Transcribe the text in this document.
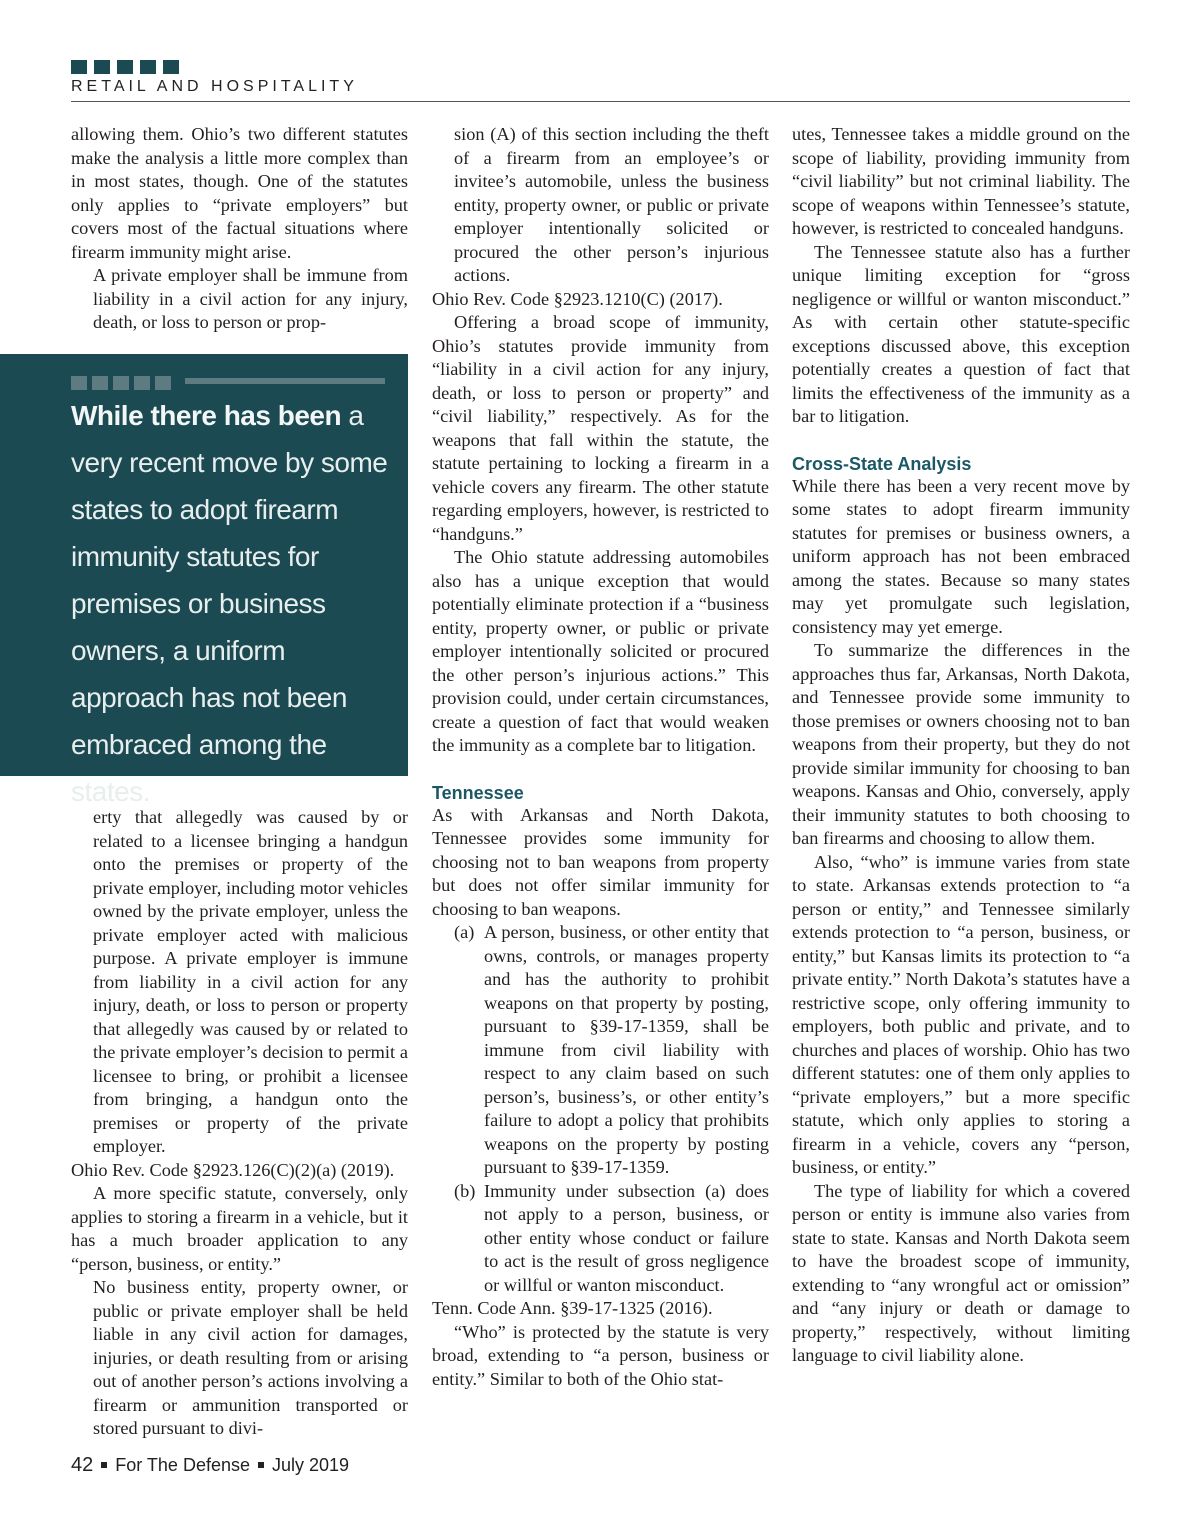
RETAIL AND HOSPITALITY

allowing them. Ohio’s two different statutes make the analysis a little more complex than in most states, though. One of the statutes only applies to “private employers” but covers most of the factual situations where firearm immunity might arise.

A private employer shall be immune from liability in a civil action for any injury, death, or loss to person or prop-

While there has been a very recent move by some states to adopt firearm immunity statutes for premises or business owners, a uniform approach has not been embraced among the states.

erty that allegedly was caused by or related to a licensee bringing a handgun onto the premises or property of the private employer, including motor vehicles owned by the private employer, unless the private employer acted with malicious purpose. A private employer is immune from liability in a civil action for any injury, death, or loss to person or property that allegedly was caused by or related to the private employer’s decision to permit a licensee to bring, or prohibit a licensee from bringing, a handgun onto the premises or property of the private employer.

Ohio Rev. Code §2923.126(C)(2)(a) (2019).

A more specific statute, conversely, only applies to storing a firearm in a vehicle, but it has a much broader application to any “person, business, or entity.”

No business entity, property owner, or public or private employer shall be held liable in any civil action for damages, injuries, or death resulting from or arising out of another person’s actions involving a firearm or ammunition transported or stored pursuant to divi-

sion (A) of this section including the theft of a firearm from an employee’s or invitee’s automobile, unless the business entity, property owner, or public or private employer intentionally solicited or procured the other person’s injurious actions.

Ohio Rev. Code §2923.1210(C) (2017).

Offering a broad scope of immunity, Ohio’s statutes provide immunity from “liability in a civil action for any injury, death, or loss to person or property” and “civil liability,” respectively. As for the weapons that fall within the statute, the statute pertaining to locking a firearm in a vehicle covers any firearm. The other statute regarding employers, however, is restricted to “handguns.”

The Ohio statute addressing automobiles also has a unique exception that would potentially eliminate protection if a “business entity, property owner, or public or private employer intentionally solicited or procured the other person’s injurious actions.” This provision could, under certain circumstances, create a question of fact that would weaken the immunity as a complete bar to litigation.

Tennessee

As with Arkansas and North Dakota, Tennessee provides some immunity for choosing not to ban weapons from property but does not offer similar immunity for choosing to ban weapons.

(a) A person, business, or other entity that owns, controls, or manages property and has the authority to prohibit weapons on that property by posting, pursuant to §39-17-1359, shall be immune from civil liability with respect to any claim based on such person’s, business’s, or other entity’s failure to adopt a policy that prohibits weapons on the property by posting pursuant to §39-17-1359.

(b) Immunity under subsection (a) does not apply to a person, business, or other entity whose conduct or failure to act is the result of gross negligence or willful or wanton misconduct.

Tenn. Code Ann. §39-17-1325 (2016).

“Who” is protected by the statute is very broad, extending to “a person, business or entity.” Similar to both of the Ohio stat-

utes, Tennessee takes a middle ground on the scope of liability, providing immunity from “civil liability” but not criminal liability. The scope of weapons within Tennessee’s statute, however, is restricted to concealed handguns.

The Tennessee statute also has a further unique limiting exception for “gross negligence or willful or wanton misconduct.” As with certain other statute-specific exceptions discussed above, this exception potentially creates a question of fact that limits the effectiveness of the immunity as a bar to litigation.

Cross-State Analysis

While there has been a very recent move by some states to adopt firearm immunity statutes for premises or business owners, a uniform approach has not been embraced among the states. Because so many states may yet promulgate such legislation, consistency may yet emerge.

To summarize the differences in the approaches thus far, Arkansas, North Dakota, and Tennessee provide some immunity to those premises or owners choosing not to ban weapons from their property, but they do not provide similar immunity for choosing to ban weapons. Kansas and Ohio, conversely, apply their immunity statutes to both choosing to ban firearms and choosing to allow them.

Also, “who” is immune varies from state to state. Arkansas extends protection to “a person or entity,” and Tennessee similarly extends protection to “a person, business, or entity,” but Kansas limits its protection to “a private entity.” North Dakota’s statutes have a restrictive scope, only offering immunity to employers, both public and private, and to churches and places of worship. Ohio has two different statutes: one of them only applies to “private employers,” but a more specific statute, which only applies to storing a firearm in a vehicle, covers any “person, business, or entity.”

The type of liability for which a covered person or entity is immune also varies from state to state. Kansas and North Dakota seem to have the broadest scope of immunity, extending to “any wrongful act or omission” and “any injury or death or damage to property,” respectively, without limiting language to civil liability alone.

42 For The Defense July 2019
